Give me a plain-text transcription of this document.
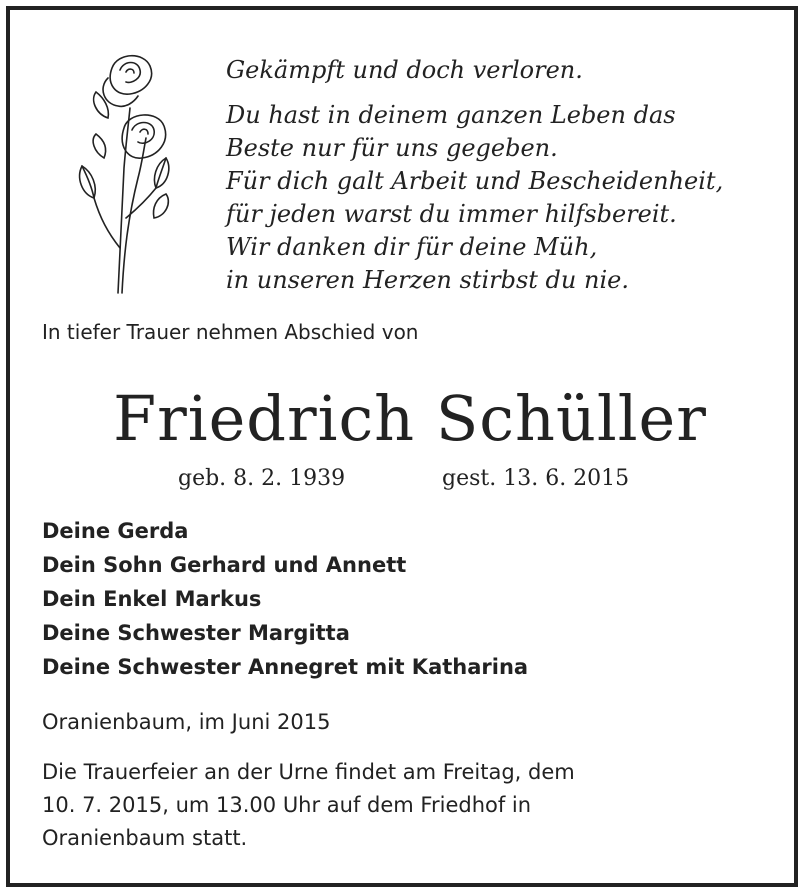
Gekämpft und doch verloren.
Du hast in deinem ganzen Leben das
Beste nur für uns gegeben.
Für dich galt Arbeit und Bescheidenheit,
für jeden warst du immer hilfsbereit.
Wir danken dir für deine Müh,
in unseren Herzen stirbst du nie.
In tiefer Trauer nehmen Abschied von
Friedrich Schüller
geb. 8. 2. 1939	gest. 13. 6. 2015
Deine Gerda
Dein Sohn Gerhard und Annett
Dein Enkel Markus
Deine Schwester Margitta
Deine Schwester Annegret mit Katharina
Oranienbaum, im Juni 2015
Die Trauerfeier an der Urne findet am Freitag, dem
10. 7. 2015, um 13.00 Uhr auf dem Friedhof in
Oranienbaum statt.
